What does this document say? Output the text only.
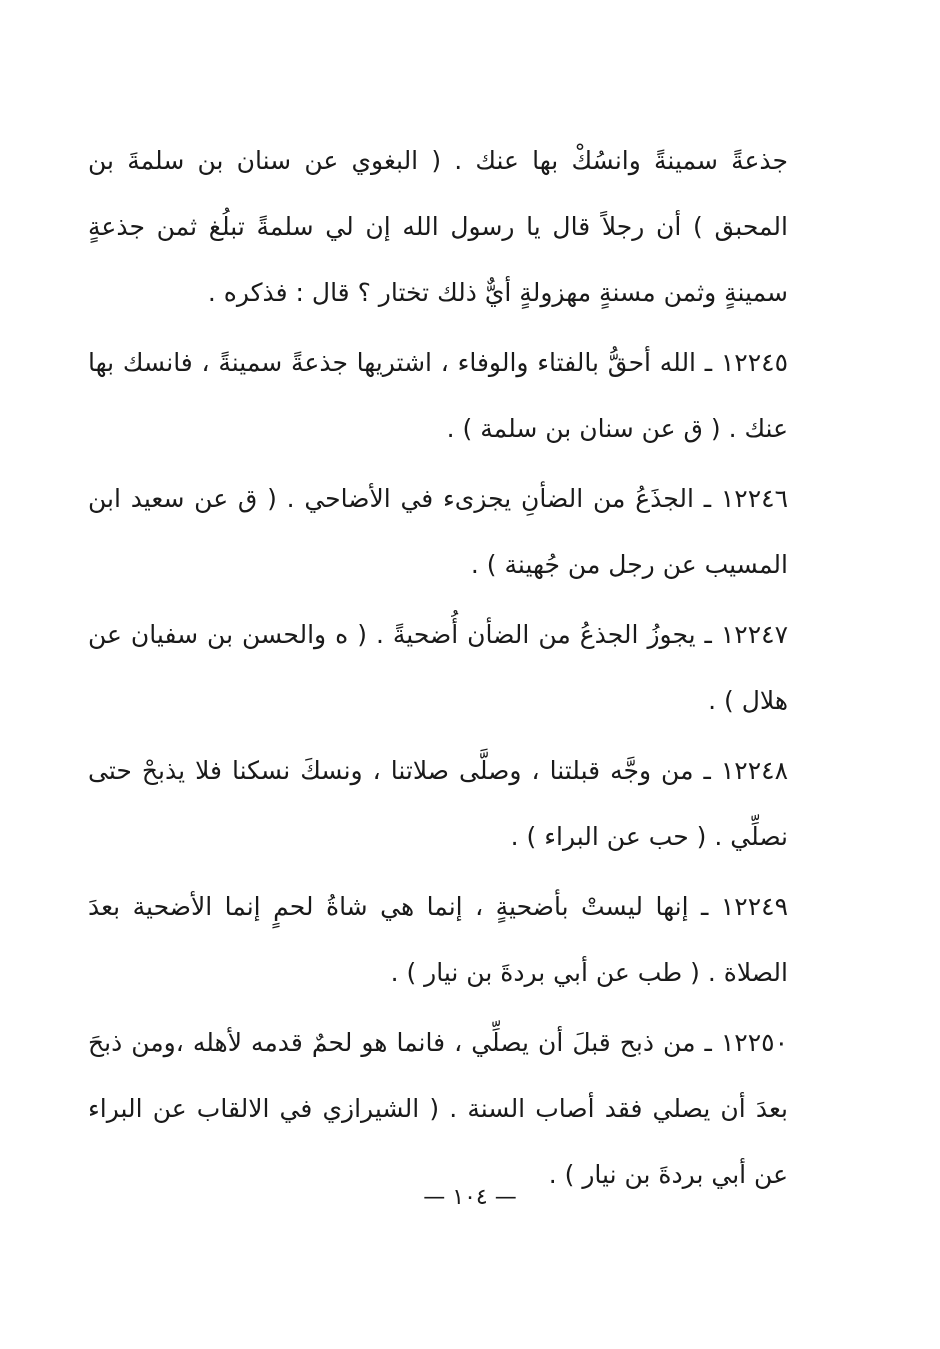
جذعةً سمينةً وانسُكْ بها عنك . ( البغوي عن سنان بن سلمةَ بن المحبق ) أن رجلاً قال يا رسول الله إن لي سلمةً تبلُغ ثمن جذعةٍ سمينةٍ وثمن مسنةٍ مهزولةٍ أيٌّ ذلك تختار ؟ قال : فذكره .

١٢٢٤٥ ـ الله أحقُّ بالفتاء والوفاء ، اشتريها جذعةً سمينةً ، فانسك بها عنك . ( ق عن سنان بن سلمة ) .

١٢٢٤٦ ـ الجذَعُ من الضأنِ يجزىء في الأضاحي . ( ق عن سعيد ابن المسيب عن رجل من جُهينة ) .

١٢٢٤٧ ـ يجوزُ الجذعُ من الضأن أُضحيةً . ( ه والحسن بن سفيان عن هلال ) .

١٢٢٤٨ ـ من وجَّه قبلتنا ، وصلَّى صلاتنا ، ونسكَ نسكنا فلا يذبحْ حتى نصلِّي . ( حب عن البراء ) .

١٢٢٤٩ ـ إنها ليستْ بأضحيةٍ ، إنما هي شاةُ لحمٍ إنما الأضحية بعدَ الصلاة . ( طب عن أبي بردةَ بن نيار ) .

١٢٢٥٠ ـ من ذبح قبلَ أن يصلِّي ، فانما هو لحمٌ قدمه لأهله ،ومن ذبحَ بعدَ أن يصلي فقد أصاب السنة . ( الشيرازي في الالقاب عن البراء عن أبي بردةَ بن نيار ) .

— ١٠٤ —
